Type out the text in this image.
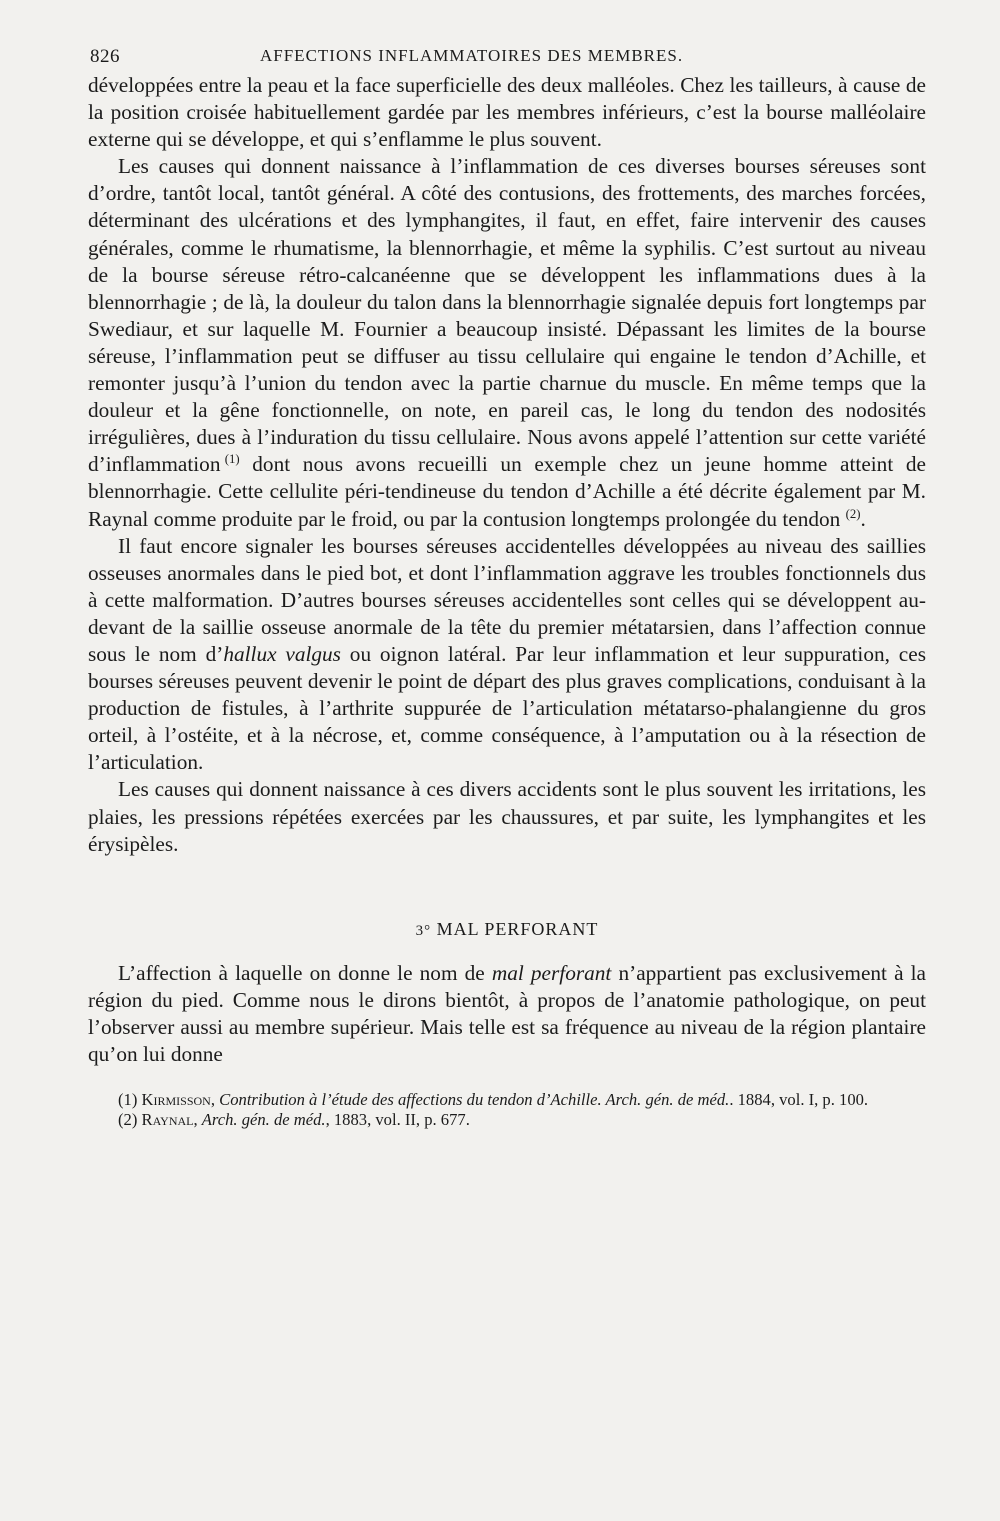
826	AFFECTIONS INFLAMMATOIRES DES MEMBRES.

développées entre la peau et la face superficielle des deux malléoles. Chez les tailleurs, à cause de la position croisée habituellement gardée par les membres inférieurs, c’est la bourse malléolaire externe qui se développe, et qui s’enflamme le plus souvent.

Les causes qui donnent naissance à l’inflammation de ces diverses bourses séreuses sont d’ordre, tantôt local, tantôt général. A côté des contusions, des frottements, des marches forcées, déterminant des ulcérations et des lymphangites, il faut, en effet, faire intervenir des causes générales, comme le rhumatisme, la blennorrhagie, et même la syphilis. C’est surtout au niveau de la bourse séreuse rétro-calcanéenne que se développent les inflammations dues à la blennorrhagie ; de là, la douleur du talon dans la blennorrhagie signalée depuis fort longtemps par Swediaur, et sur laquelle M. Fournier a beaucoup insisté. Dépassant les limites de la bourse séreuse, l’inflammation peut se diffuser au tissu cellulaire qui engaine le tendon d’Achille, et remonter jusqu’à l’union du tendon avec la partie charnue du muscle. En même temps que la douleur et la gêne fonctionnelle, on note, en pareil cas, le long du tendon des nodosités irrégulières, dues à l’induration du tissu cellulaire. Nous avons appelé l’attention sur cette variété d’inflammation  $^{(1)}$ dont nous avons recueilli un exemple chez un jeune homme atteint de blennorrhagie. Cette cellulite péri-tendineuse du tendon d’Achille a été décrite également par M. Raynal comme produite par le froid, ou par la contusion longtemps prolongée du tendon $^{(2)}$.

Il faut encore signaler les bourses séreuses accidentelles développées au niveau des saillies osseuses anormales dans le pied bot, et dont l’inflammation aggrave les troubles fonctionnels dus à cette malformation. D’autres bourses séreuses accidentelles sont celles qui se développent au-devant de la saillie osseuse anormale de la tête du premier métatarsien, dans l’affection connue sous le nom d’hallux valgus ou oignon latéral. Par leur inflammation et leur suppuration, ces bourses séreuses peuvent devenir le point de départ des plus graves complications, conduisant à la production de fistules, à l’arthrite suppurée de l’articulation métatarso-phalangienne du gros orteil, à l’ostéite, et à la nécrose, et, comme conséquence, à l’amputation ou à la résection de l’articulation.

Les causes qui donnent naissance à ces divers accidents sont le plus souvent les irritations, les plaies, les pressions répétées exercées par les chaussures, et par suite, les lymphangites et les érysipèles.

3° MAL PERFORANT

L’affection à laquelle on donne le nom de mal perforant n’appartient pas exclusivement à la région du pied. Comme nous le dirons bientôt, à propos de l’anatomie pathologique, on peut l’observer aussi au membre supérieur. Mais telle est sa fréquence au niveau de la région plantaire qu’on lui donne

(1) Kirmisson, Contribution à l’étude des affections du tendon d’Achille. Arch. gén. de méd.. 1884, vol. I, p. 100.

(2) Raynal, Arch. gén. de méd., 1883, vol. II, p. 677.
